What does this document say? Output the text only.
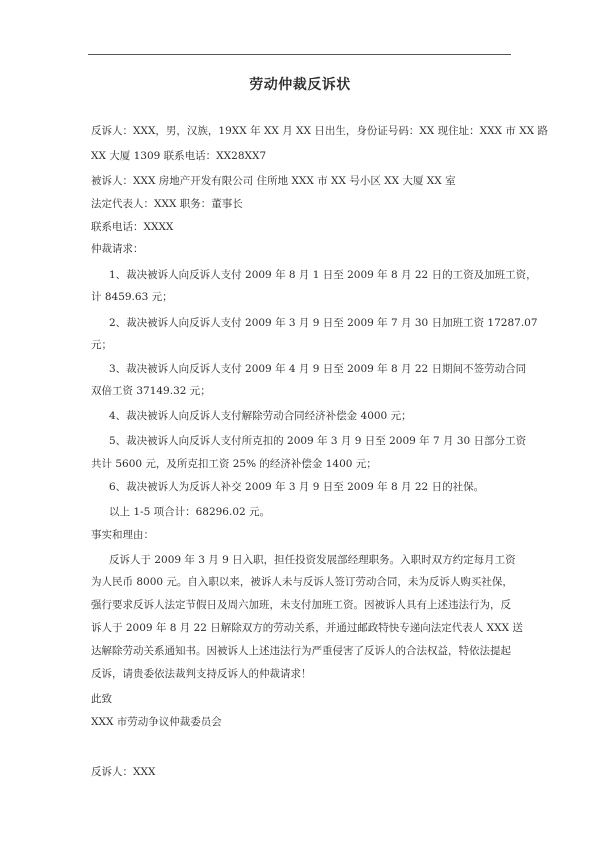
劳动仲裁反诉状
反诉人：XXX，男，汉族，19XX 年 XX 月 XX 日出生，身份证号码：XX 现住址：XXX 市 XX 路
XX 大厦 1309 联系电话：XX28XX7
被诉人：XXX 房地产开发有限公司 住所地 XXX 市 XX 号小区 XX 大厦 XX 室
法定代表人：XXX 职务：董事长
联系电话：XXXX
仲裁请求：
1、裁决被诉人向反诉人支付 2009 年 8 月 1 日至 2009 年 8 月 22 日的工资及加班工资，
计 8459.63 元；
2、裁决被诉人向反诉人支付 2009 年 3 月 9 日至 2009 年 7 月 30 日加班工资 17287.07
元；
3、裁决被诉人向反诉人支付 2009 年 4 月 9 日至 2009 年 8 月 22 日期间不签劳动合同
双倍工资 37149.32 元；
4、裁决被诉人向反诉人支付解除劳动合同经济补偿金 4000 元；
5、裁决被诉人向反诉人支付所克扣的 2009 年 3 月 9 日至 2009 年 7 月 30 日部分工资
共计 5600 元，及所克扣工资 25% 的经济补偿金 1400 元；
6、裁决被诉人为反诉人补交 2009 年 3 月 9 日至 2009 年 8 月 22 日的社保。
以上 1-5 项合计：68296.02 元。
事实和理由：
反诉人于 2009 年 3 月 9 日入职，担任投资发展部经理职务。入职时双方约定每月工资
为人民币 8000 元。自入职以来，被诉人未与反诉人签订劳动合同，未为反诉人购买社保，
强行要求反诉人法定节假日及周六加班，未支付加班工资。因被诉人具有上述违法行为，反
诉人于 2009 年 8 月 22 日解除双方的劳动关系，并通过邮政特快专递向法定代表人 XXX 送
达解除劳动关系通知书。因被诉人上述违法行为严重侵害了反诉人的合法权益，特依法提起
反诉，请贵委依法裁判支持反诉人的仲裁请求！
此致
XXX 市劳动争议仲裁委员会
反诉人：XXX
